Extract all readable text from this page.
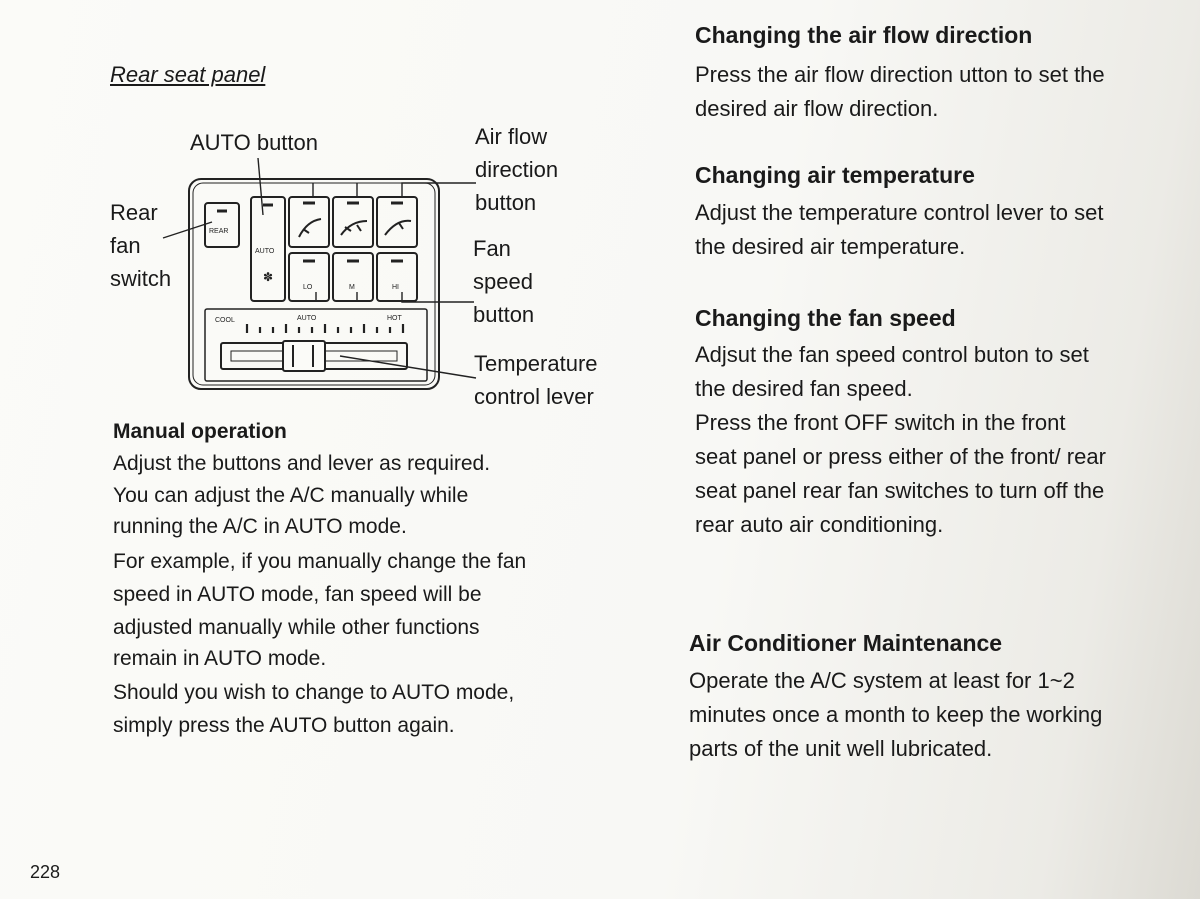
Rear seat panel

AUTO button
Rear
fan
switch
Air flow
direction
button
Fan
speed
button
Temperature
control lever
REAR
AUTO
✽
LO	M	HI
COOL	AUTO	HOT
Manual operation
Adjust the buttons and lever as required.
You can adjust the A/C manually while
running the A/C in AUTO mode.
For example, if you manually change the fan
speed in AUTO mode, fan speed will be
adjusted manually while other functions
remain in AUTO mode.
Should you wish to change to AUTO mode,
simply press the AUTO button again.
Changing the air flow direction
Press the air flow direction utton to set the
desired air flow direction.
Changing air temperature
Adjust the temperature control lever to set
the desired air temperature.
Changing the fan speed
Adjsut the fan speed control buton to set
the desired fan speed.
Press the front OFF switch in the front
seat panel or press either of the front/ rear
seat panel rear fan switches to turn off the
rear auto air conditioning.
Air Conditioner Maintenance
Operate the A/C system at least for 1~2
minutes once a month to keep the working
parts of the unit well lubricated.
228
